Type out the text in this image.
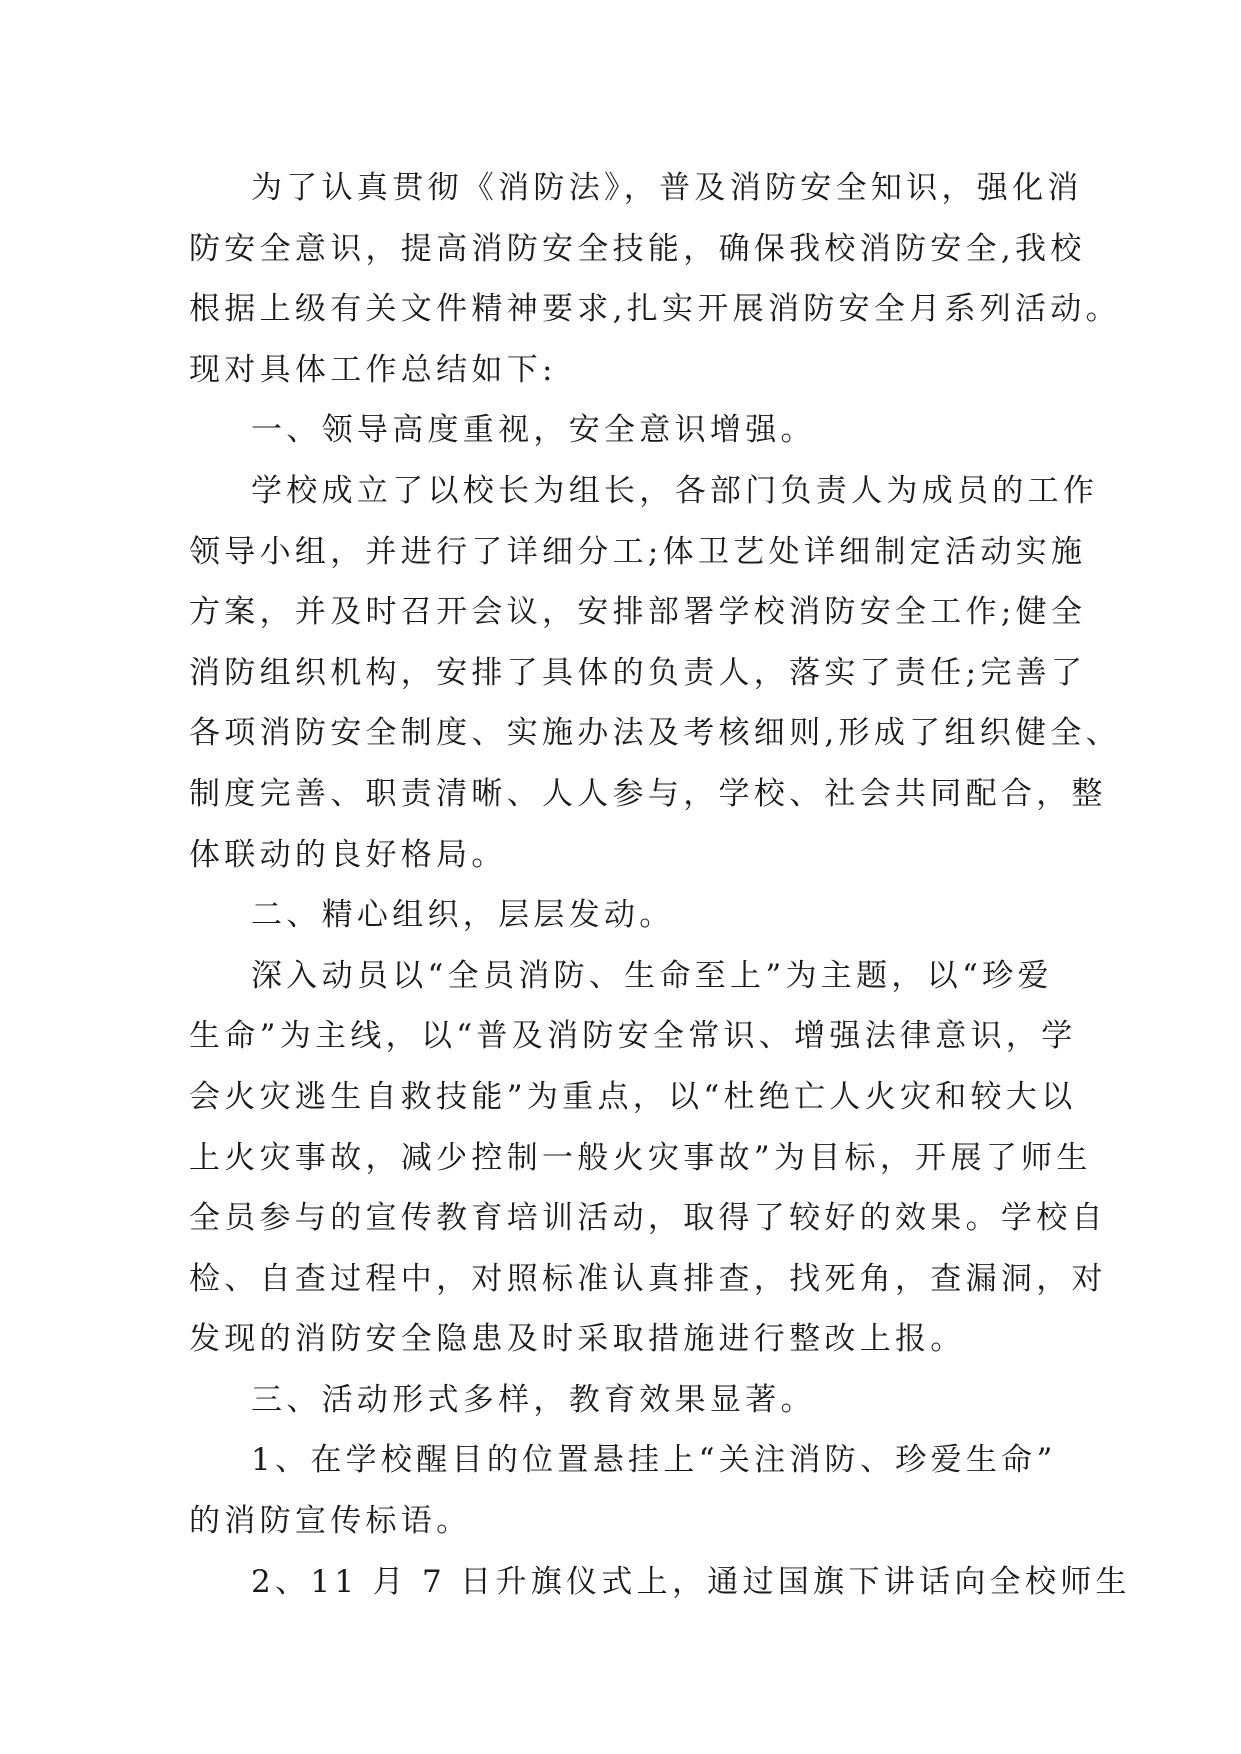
为了认真贯彻《消防法》，普及消防安全知识，强化消
防安全意识，提高消防安全技能，确保我校消防安全,我校
根据上级有关文件精神要求,扎实开展消防安全月系列活动。
现对具体工作总结如下:
一、领导高度重视，安全意识增强。
学校成立了以校长为组长，各部门负责人为成员的工作
领导小组，并进行了详细分工;体卫艺处详细制定活动实施
方案，并及时召开会议，安排部署学校消防安全工作;健全
消防组织机构，安排了具体的负责人，落实了责任;完善了
各项消防安全制度、实施办法及考核细则,形成了组织健全、
制度完善、职责清晰、人人参与，学校、社会共同配合，整
体联动的良好格局。
二、精心组织，层层发动。
深入动员以“全员消防、生命至上”为主题，以“珍爱
生命”为主线，以“普及消防安全常识、增强法律意识，学
会火灾逃生自救技能”为重点，以“杜绝亡人火灾和较大以
上火灾事故，减少控制一般火灾事故”为目标，开展了师生
全员参与的宣传教育培训活动，取得了较好的效果。学校自
检、自查过程中，对照标准认真排查，找死角，查漏洞，对
发现的消防安全隐患及时采取措施进行整改上报。
三、活动形式多样，教育效果显著。
1、在学校醒目的位置悬挂上“关注消防、珍爱生命”
的消防宣传标语。
2、11 月 7 日升旗仪式上，通过国旗下讲话向全校师生
